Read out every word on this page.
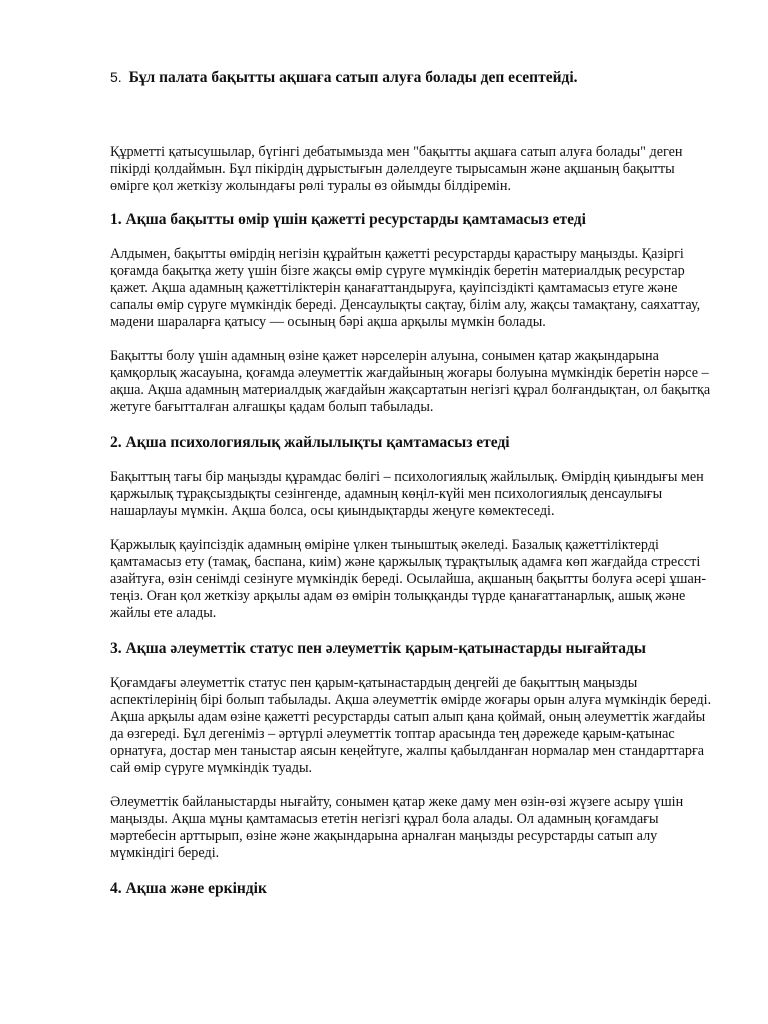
5. Бұл палата бақытты ақшаға сатып алуға болады деп есептейді.

Құрметті қатысушылар, бүгінгі дебатымызда мен "бақытты ақшаға сатып алуға болады" деген пікірді қолдаймын. Бұл пікірдің дұрыстығын дәлелдеуге тырысамын және ақшаның бақытты өмірге қол жеткізу жолындағы рөлі туралы өз ойымды білдіремін.

1. Ақша бақытты өмір үшін қажетті ресурстарды қамтамасыз етеді

Алдымен, бақытты өмірдің негізін құрайтын қажетті ресурстарды қарастыру маңызды. Қазіргі қоғамда бақытқа жету үшін бізге жақсы өмір сүруге мүмкіндік беретін материалдық ресурстар қажет. Ақша адамның қажеттіліктерін қанағаттандыруға, қауіпсіздікті қамтамасыз етуге және сапалы өмір сүруге мүмкіндік береді. Денсаулықты сақтау, білім алу, жақсы тамақтану, саяхаттау, мәдени шараларға қатысу — осының бәрі ақша арқылы мүмкін болады.

Бақытты болу үшін адамның өзіне қажет нәрселерін алуына, сонымен қатар жақындарына қамқорлық жасауына, қоғамда әлеуметтік жағдайының жоғары болуына мүмкіндік беретін нәрсе – ақша. Ақша адамның материалдық жағдайын жақсартатын негізгі құрал болғандықтан, ол бақытқа жетуге бағытталған алғашқы қадам болып табылады.

2. Ақша психологиялық жайлылықты қамтамасыз етеді

Бақыттың тағы бір маңызды құрамдас бөлігі – психологиялық жайлылық. Өмірдің қиындығы мен қаржылық тұрақсыздықты сезінгенде, адамның көңіл-күйі мен психологиялық денсаулығы нашарлауы мүмкін. Ақша болса, осы қиындықтарды жеңуге көмектеседі.

Қаржылық қауіпсіздік адамның өміріне үлкен тыныштық әкеледі. Базалық қажеттіліктерді қамтамасыз ету (тамақ, баспана, киім) және қаржылық тұрақтылық адамға көп жағдайда стрессті азайтуға, өзін сенімді сезінуге мүмкіндік береді. Осылайша, ақшаның бақытты болуға әсері ұшан-теңіз. Оған қол жеткізу арқылы адам өз өмірін толыққанды түрде қанағаттанарлық, ашық және жайлы ете алады.

3. Ақша әлеуметтік статус пен әлеуметтік қарым-қатынастарды нығайтады

Қоғамдағы әлеуметтік статус пен қарым-қатынастардың деңгейі де бақыттың маңызды аспектілерінің бірі болып табылады. Ақша әлеуметтік өмірде жоғары орын алуға мүмкіндік береді. Ақша арқылы адам өзіне қажетті ресурстарды сатып алып қана қоймай, оның әлеуметтік жағдайы да өзгереді. Бұл дегеніміз – әртүрлі әлеуметтік топтар арасында тең дәрежеде қарым-қатынас орнатуға, достар мен таныстар аясын кеңейтуге, жалпы қабылданған нормалар мен стандарттарға сай өмір сүруге мүмкіндік туады.

Әлеуметтік байланыстарды нығайту, сонымен қатар жеке даму мен өзін-өзі жүзеге асыру үшін маңызды. Ақша мұны қамтамасыз ететін негізгі құрал бола алады. Ол адамның қоғамдағы мәртебесін арттырып, өзіне және жақындарына арналған маңызды ресурстарды сатып алу мүмкіндігі береді.

4. Ақша және еркіндік
